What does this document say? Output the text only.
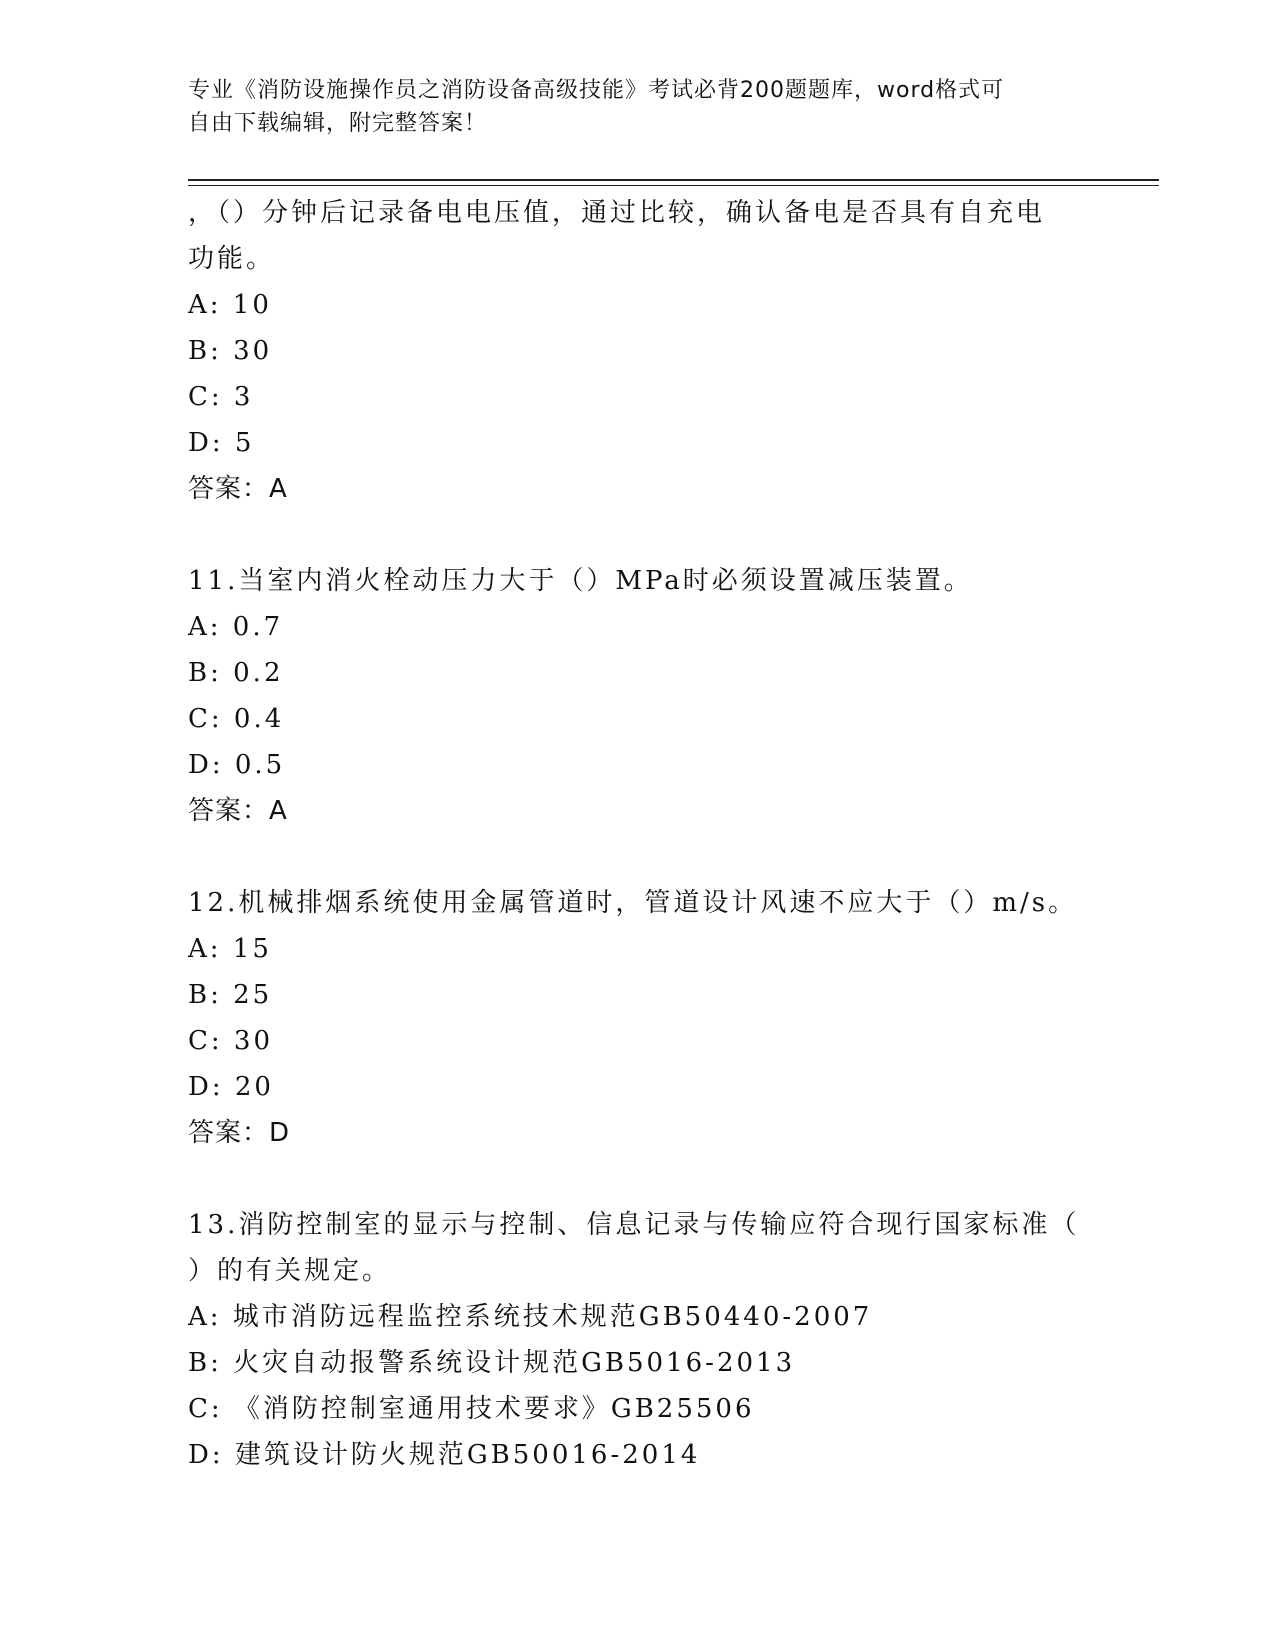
专业《消防设施操作员之消防设备高级技能》考试必背200题题库，word格式可
自由下载编辑，附完整答案！
，（）分钟后记录备电电压值，通过比较，确认备电是否具有自充电
功能。
A: 10
B: 30
C: 3
D: 5
答案：A
11.当室内消火栓动压力大于（）MPa时必须设置减压装置。
A: 0.7
B: 0.2
C: 0.4
D: 0.5
答案：A
12.机械排烟系统使用金属管道时，管道设计风速不应大于（）m/s。
A: 15
B: 25
C: 30
D: 20
答案：D
13.消防控制室的显示与控制、信息记录与传输应符合现行国家标准（
）的有关规定。
A: 城市消防远程监控系统技术规范GB50440-2007
B: 火灾自动报警系统设计规范GB5016-2013
C: 《消防控制室通用技术要求》GB25506
D: 建筑设计防火规范GB50016-2014
